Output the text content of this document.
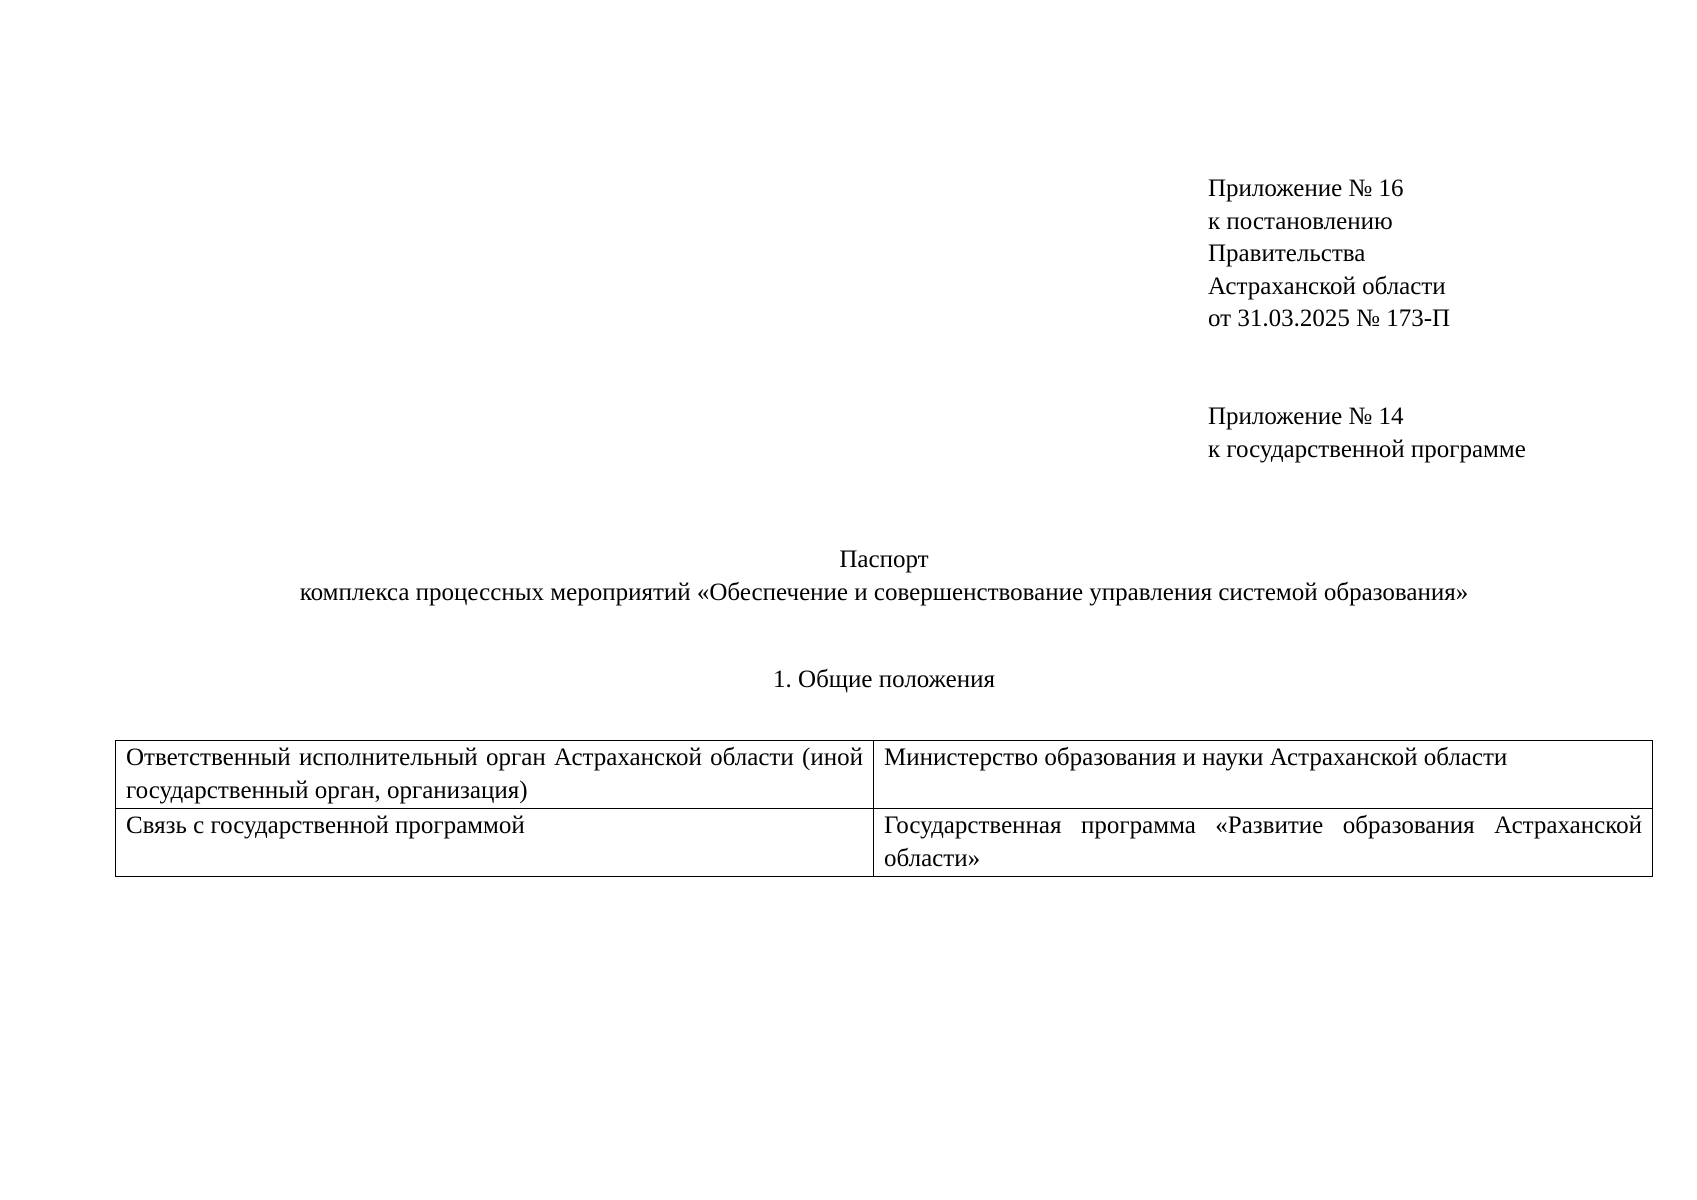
Приложение № 16
к постановлению
Правительства
Астраханской области
от 31.03.2025 № 173-П
Приложение № 14
к государственной программе
Паспорт
комплекса процессных мероприятий «Обеспечение и совершенствование управления системой образования»
1. Общие положения
Ответственный исполнительный орган Астраханской области (иной государственный орган, организация)	Министерство образования и науки Астраханской области
Связь с государственной программой	Государственная программа «Развитие образования Астраханской области»
